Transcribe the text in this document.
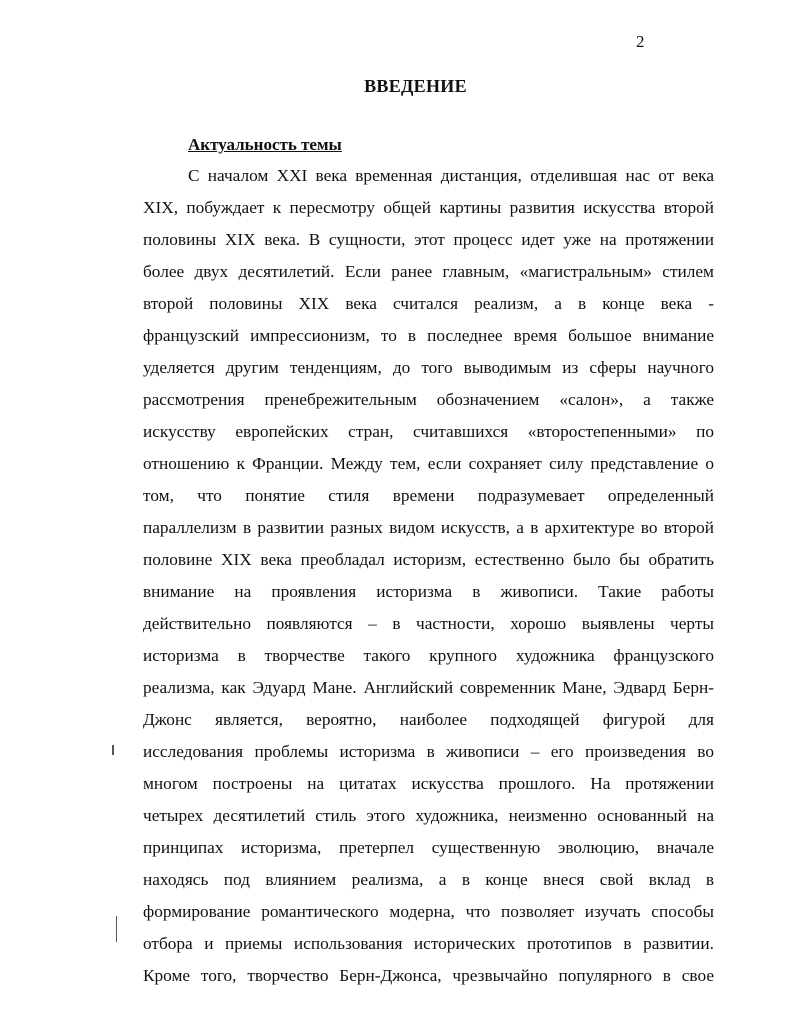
2
ВВЕДЕНИЕ
Актуальность темы
С началом XXI века временная дистанция, отделившая нас от века
XIX, побуждает к пересмотру общей картины развития искусства второй
половины XIX века. В сущности, этот процесс идет уже на протяжении
более двух десятилетий. Если ранее главным, «магистральным» стилем
второй половины XIX века считался реализм, а в конце века -
французский импрессионизм, то в последнее время большое внимание
уделяется другим тенденциям, до того выводимым из сферы научного
рассмотрения пренебрежительным обозначением «салон», а также
искусству европейских стран, считавшихся «второстепенными» по
отношению к Франции. Между тем, если сохраняет силу представление о
том, что понятие стиля времени подразумевает определенный
параллелизм в развитии разных видом искусств, а в архитектуре во второй
половине XIX века преобладал историзм, естественно было бы обратить
внимание на проявления историзма в живописи. Такие работы
действительно появляются – в частности, хорошо выявлены черты
историзма в творчестве такого крупного художника французского
реализма, как Эдуард Мане. Английский современник Мане, Эдвард Берн-
Джонс является, вероятно, наиболее подходящей фигурой для
исследования проблемы историзма в живописи – его произведения во
многом построены на цитатах искусства прошлого. На протяжении
четырех десятилетий стиль этого художника, неизменно основанный на
принципах историзма, претерпел существенную эволюцию, вначале
находясь под влиянием реализма, а в конце внеся свой вклад в
формирование романтического модерна, что позволяет изучать способы
отбора и приемы использования исторических прототипов в развитии.
Кроме того, творчество Берн-Джонса, чрезвычайно популярного в свое
